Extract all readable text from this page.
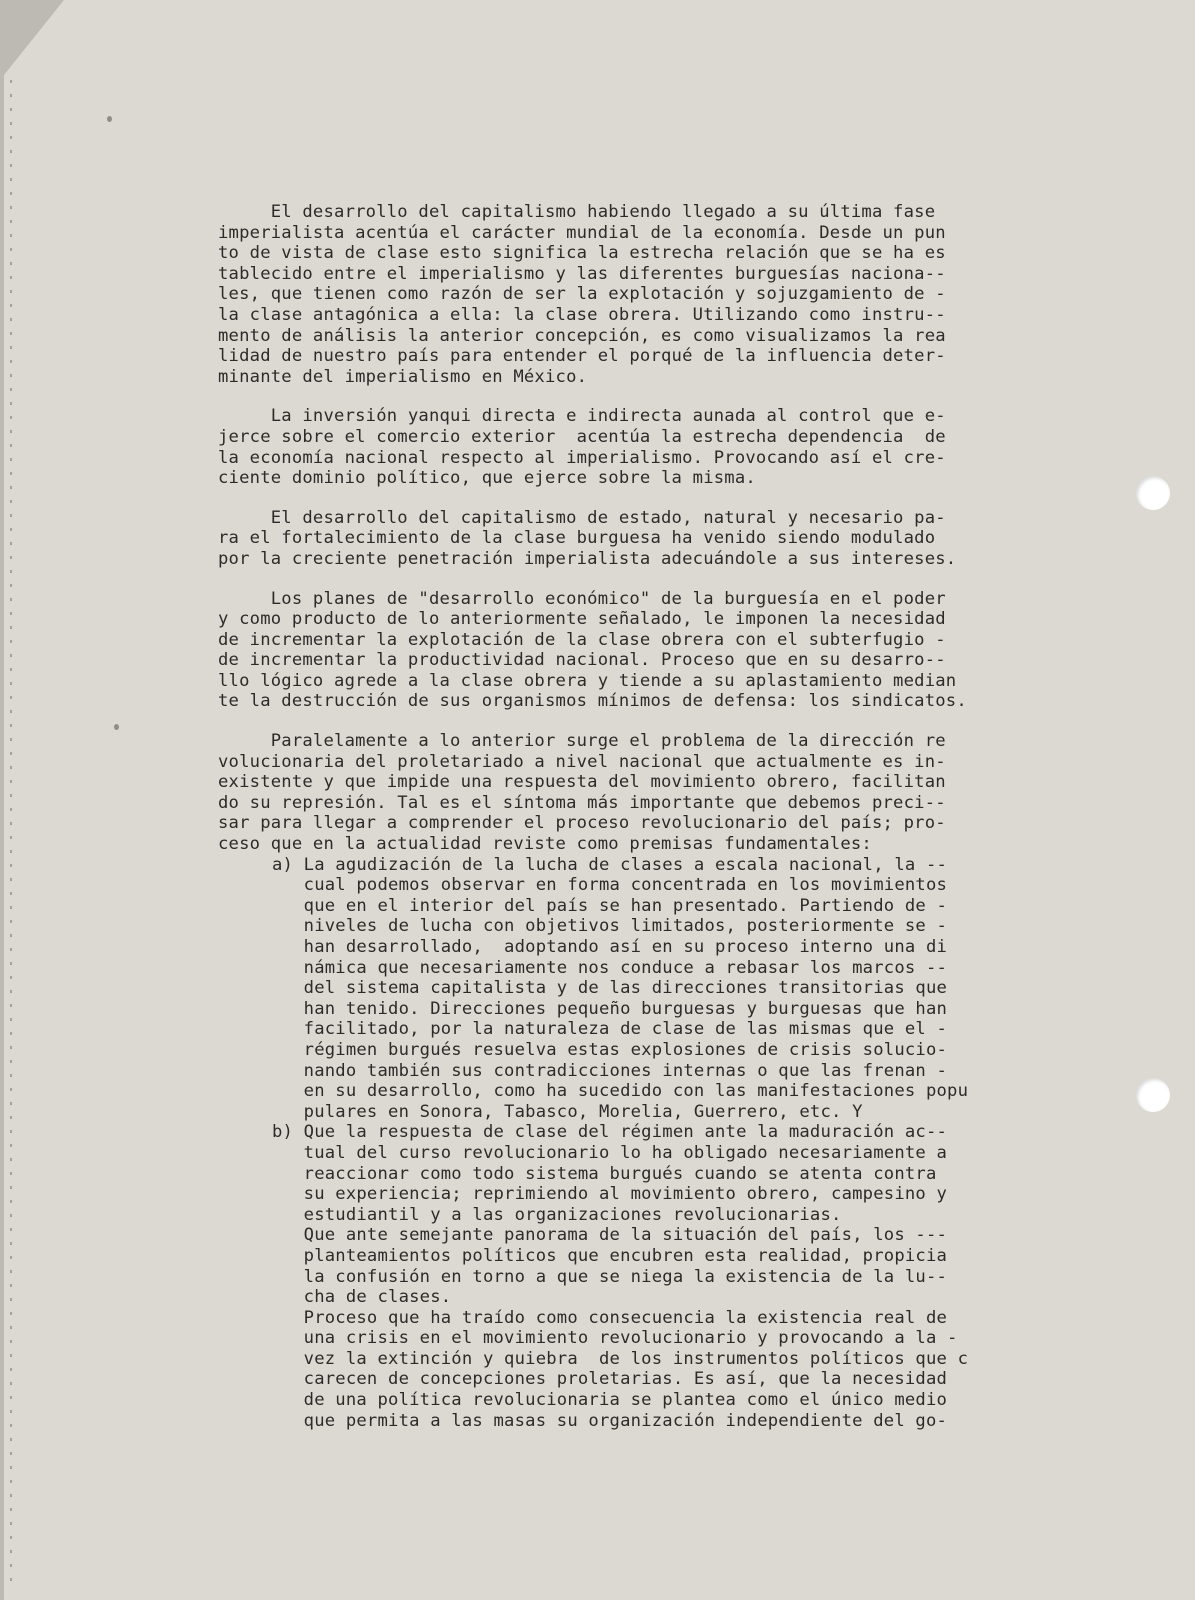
El desarrollo del capitalismo habiendo llegado a su última fase
imperialista acentúa el carácter mundial de la economía. Desde un pun
to de vista de clase esto significa la estrecha relación que se ha es
tablecido entre el imperialismo y las diferentes burguesías naciona--
les, que tienen como razón de ser la explotación y sojuzgamiento de -
la clase antagónica a ella: la clase obrera. Utilizando como instru--
mento de análisis la anterior concepción, es como visualizamos la rea
lidad de nuestro país para entender el porqué de la influencia deter-
minante del imperialismo en México.
La inversión yanqui directa e indirecta aunada al control que e-
jerce sobre el comercio exterior  acentúa la estrecha dependencia  de
la economía nacional respecto al imperialismo. Provocando así el cre-
ciente dominio político, que ejerce sobre la misma.
El desarrollo del capitalismo de estado, natural y necesario pa-
ra el fortalecimiento de la clase burguesa ha venido siendo modulado
por la creciente penetración imperialista adecuándole a sus intereses.
Los planes de "desarrollo económico" de la burguesía en el poder
y como producto de lo anteriormente señalado, le imponen la necesidad
de incrementar la explotación de la clase obrera con el subterfugio -
de incrementar la productividad nacional. Proceso que en su desarro--
llo lógico agrede a la clase obrera y tiende a su aplastamiento median
te la destrucción de sus organismos mínimos de defensa: los sindicatos.
Paralelamente a lo anterior surge el problema de la dirección re
volucionaria del proletariado a nivel nacional que actualmente es in-
existente y que impide una respuesta del movimiento obrero, facilitan
do su represión. Tal es el síntoma más importante que debemos preci--
sar para llegar a comprender el proceso revolucionario del país; pro-
ceso que en la actualidad reviste como premisas fundamentales:
a) La agudización de la lucha de clases a escala nacional, la --
cual podemos observar en forma concentrada en los movimientos
que en el interior del país se han presentado. Partiendo de -
niveles de lucha con objetivos limitados, posteriormente se -
han desarrollado,  adoptando así en su proceso interno una di
námica que necesariamente nos conduce a rebasar los marcos --
del sistema capitalista y de las direcciones transitorias que
han tenido. Direcciones pequeño burguesas y burguesas que han
facilitado, por la naturaleza de clase de las mismas que el -
régimen burgués resuelva estas explosiones de crisis solucio-
nando también sus contradicciones internas o que las frenan -
en su desarrollo, como ha sucedido con las manifestaciones popu
pulares en Sonora, Tabasco, Morelia, Guerrero, etc. Y
b) Que la respuesta de clase del régimen ante la maduración ac--
tual del curso revolucionario lo ha obligado necesariamente a
reaccionar como todo sistema burgués cuando se atenta contra
su experiencia; reprimiendo al movimiento obrero, campesino y
estudiantil y a las organizaciones revolucionarias.
Que ante semejante panorama de la situación del país, los ---
planteamientos políticos que encubren esta realidad, propicia
la confusión en torno a que se niega la existencia de la lu--
cha de clases.
Proceso que ha traído como consecuencia la existencia real de
una crisis en el movimiento revolucionario y provocando a la -
vez la extinción y quiebra  de los instrumentos políticos que c
carecen de concepciones proletarias. Es así, que la necesidad
de una política revolucionaria se plantea como el único medio
que permita a las masas su organización independiente del go-
